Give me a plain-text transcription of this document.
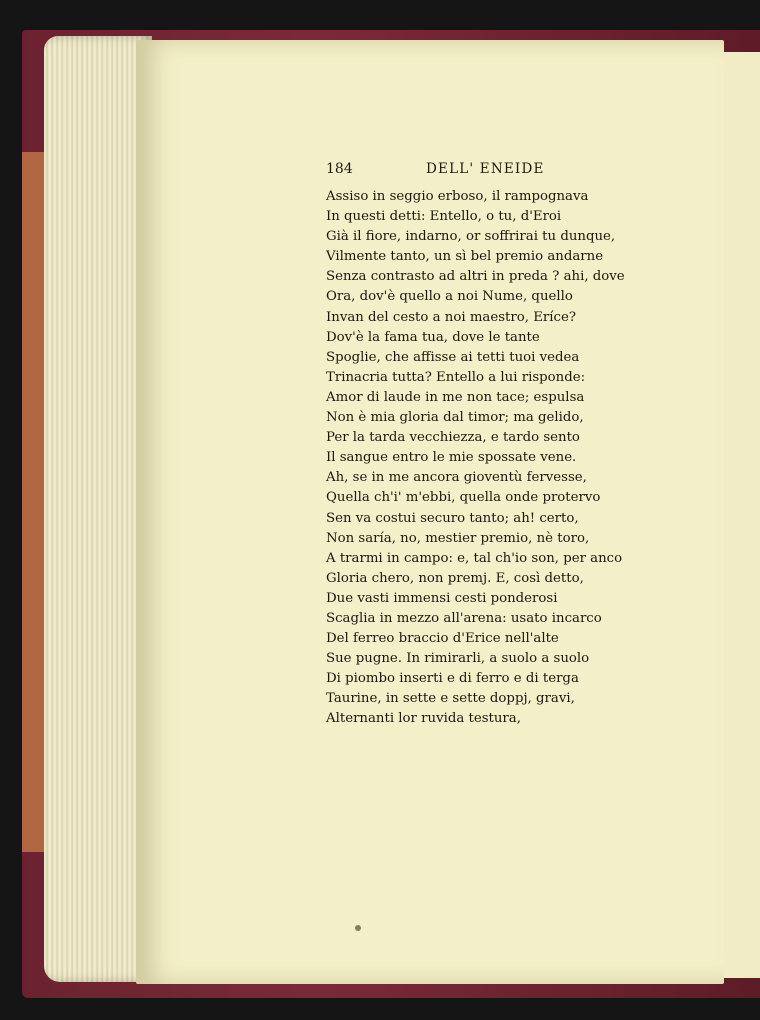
184	DELL' ENEIDE
Assiso in seggio erboso, il rampognava
In questi detti: Entello, o tu, d'Eroi
Già il fiore, indarno, or soffrirai tu dunque,
Vilmente tanto, un sì bel premio andarne
Senza contrasto ad altri in preda ? ahi, dove
Ora, dov'è quello a noi Nume, quello
Invan del cesto a noi maestro, Eríce?
Dov'è la fama tua, dove le tante
Spoglie, che affisse ai tetti tuoi vedea
Trinacria tutta? Entello a lui risponde:
Amor di laude in me non tace; espulsa
Non è mia gloria dal timor; ma gelido,
Per la tarda vecchiezza, e tardo sento
Il sangue entro le mie spossate vene.
Ah, se in me ancora gioventù fervesse,
Quella ch'i' m'ebbi, quella onde protervo
Sen va costui securo tanto; ah! certo,
Non saría, no, mestier premio, nè toro,
A trarmi in campo: e, tal ch'io son, per anco
Gloria chero, non premj. E, così detto,
Due vasti immensi cesti ponderosi
Scaglia in mezzo all'arena: usato incarco
Del ferreo braccio d'Erice nell'alte
Sue pugne. In rimirarli, a suolo a suolo
Di piombo inserti e di ferro e di terga
Taurine, in sette e sette doppj, gravi,
Alternanti lor ruvida testura,
